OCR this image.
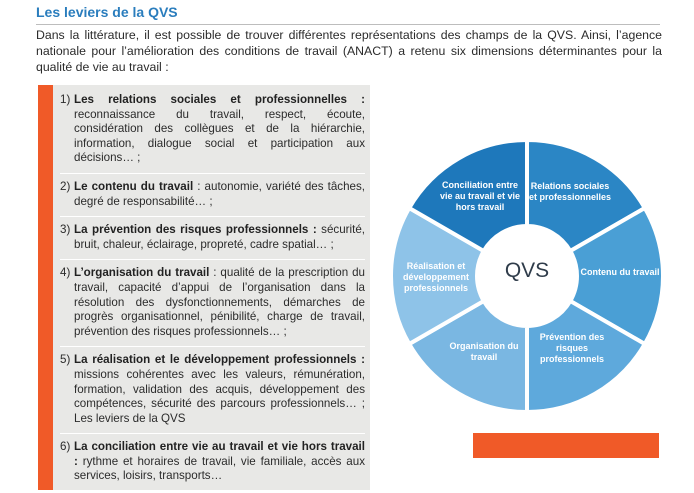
Les leviers de la QVS

Dans la littérature, il est possible de trouver différentes représentations des champs de la QVS. Ainsi, l’agence nationale pour l’amélioration des conditions de travail (ANACT) a retenu six dimensions déterminantes pour la qualité de vie au travail :

1) Les relations sociales et professionnelles : reconnaissance du travail, respect, écoute, considération des collègues et de la hiérarchie, information, dialogue social et participation aux décisions… ;
2) Le contenu du travail : autonomie, variété des tâches, degré de responsabilité… ;
3) La prévention des risques professionnels : sécurité, bruit, chaleur, éclairage, propreté, cadre spatial… ;
4) L’organisation du travail : qualité de la prescription du travail, capacité d’appui de l’organisation dans la résolution des dysfonctionnements, démarches de progrès organisationnel, pénibilité, charge de travail, prévention des risques professionnels… ;
5) La réalisation et le développement professionnels : missions cohérentes avec les valeurs, rémunération, formation, validation des acquis, développement des compétences, sécurité des parcours professionnels… ; Les leviers de la QVS
6) La conciliation entre vie au travail et vie hors travail : rythme et horaires de travail, vie familiale, accès aux services, loisirs, transports…
Relations sociales et professionnelles
Contenu du travail
Prévention des risques professionnels
Organisation du travail
Réalisation et développement professionnels
Conciliation entre vie au travail et vie hors travail

QVS
